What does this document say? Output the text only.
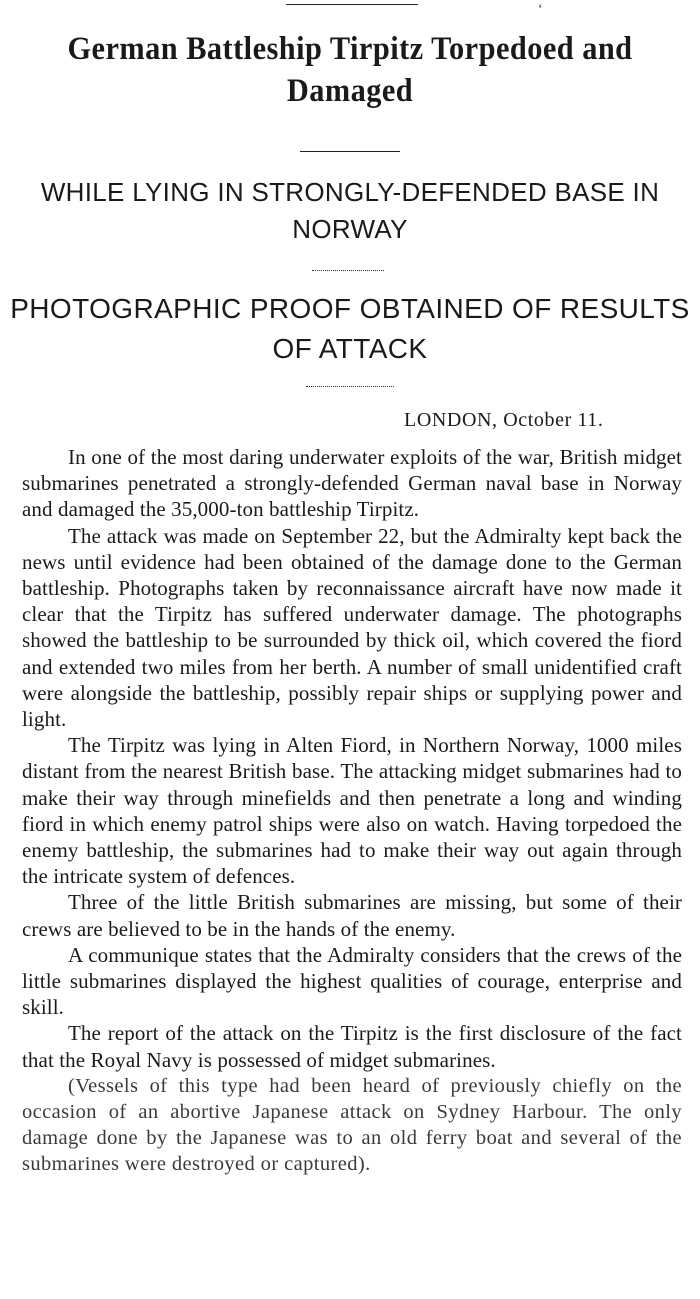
‘
German Battleship Tirpitz Torpedoed and Damaged
WHILE LYING IN STRONGLY-DEFENDED BASE IN NORWAY
PHOTOGRAPHIC PROOF OBTAINED OF RESULTS OF ATTACK
LONDON, October 11.

In one of the most daring underwater exploits of the war, British midget submarines penetrated a strongly-defended German naval base in Norway and damaged the 35,000-ton battleship Tirpitz.

The attack was made on September 22, but the Admiralty kept back the news until evidence had been obtained of the damage done to the German battleship. Photographs taken by reconnaissance aircraft have now made it clear that the Tirpitz has suffered underwater damage. The photographs showed the battleship to be surrounded by thick oil, which covered the fiord and extended two miles from her berth. A number of small unidentified craft were alongside the battleship, possibly repair ships or supplying power and light.

The Tirpitz was lying in Alten Fiord, in Northern Norway, 1000 miles distant from the nearest British base. The attacking midget submarines had to make their way through minefields and then penetrate a long and winding fiord in which enemy patrol ships were also on watch. Having torpedoed the enemy battleship, the submarines had to make their way out again through the intricate system of defences.

Three of the little British submarines are missing, but some of their crews are believed to be in the hands of the enemy.

A communique states that the Admiralty considers that the crews of the little submarines displayed the highest qualities of courage, enterprise and skill.

The report of the attack on the Tirpitz is the first disclosure of the fact that the Royal Navy is possessed of midget submarines.

(Vessels of this type had been heard of previously chiefly on the occasion of an abortive Japanese attack on Sydney Harbour. The only damage done by the Japanese was to an old ferry boat and several of the submarines were destroyed or captured).
